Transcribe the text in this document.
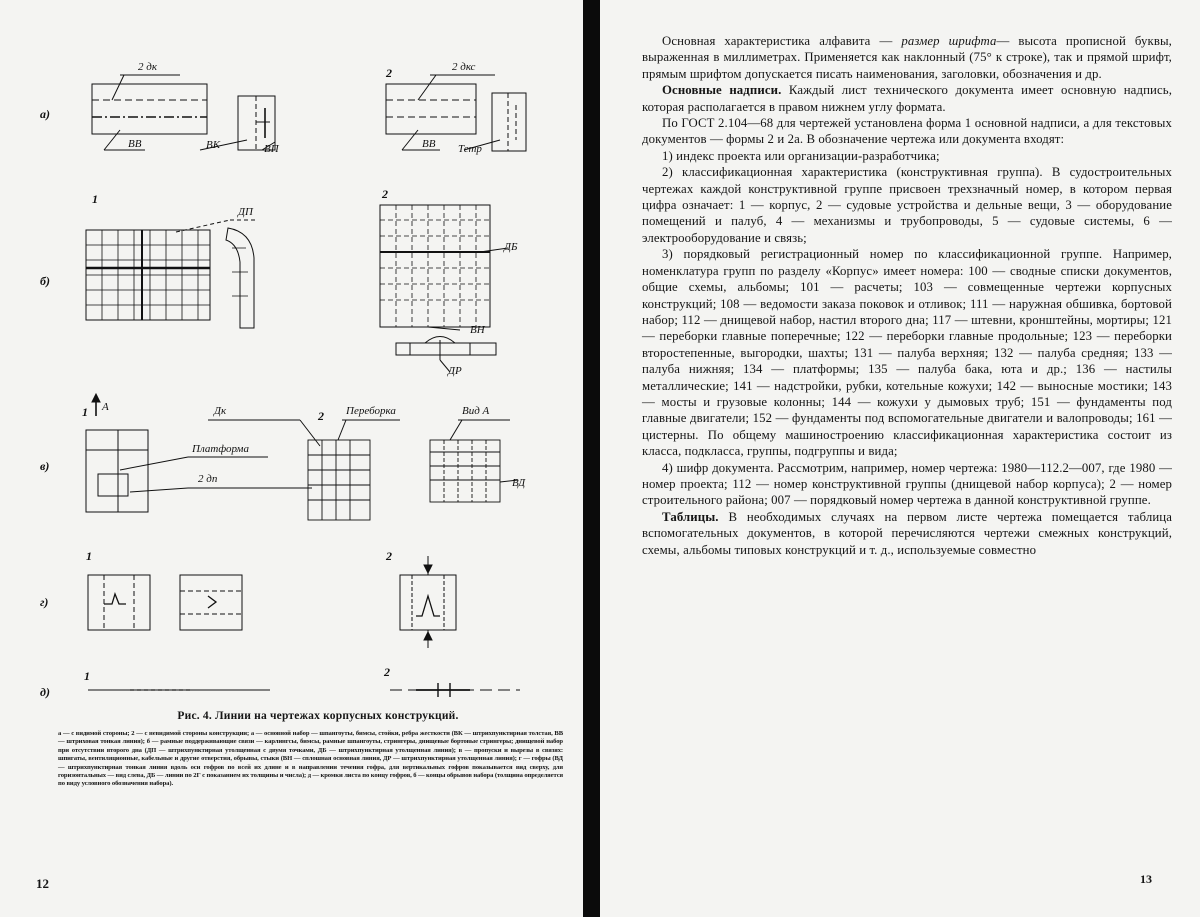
а)
2 дк
ВВ	ВК	ВП
2	2 дкс
ВВ Тетр
1
б)
ДП
2
ДБ
ВН
ДР
1 А
в)
Дк
Платформа
2 дп
2 Переборка	Вид А
ВД
1
г)
2
д)
1	2
Рис. 4. Линии на чертежах корпусных конструкций.
а — с видимой стороны; 2 — с невидимой стороны конструкции; а — основной набор — шпангоуты, бимсы, стойки, ребра жесткости (ВК — штрихпунктирная толстая, ВВ — штриховая тонкая линия); б — рамные поддерживающие связи — карлингсы, бимсы, рамные шпангоуты, стрингеры, днищевые бортовые стрингеры; днищевой набор при отсутствии второго дна (ДП — штрихпунктирная утолщенная с двумя точками, ДБ — штрихпунктирная утолщенная линия); в — пропуски и вырезы в связях: шпигаты, вентиляционные, кабельные и другие отверстия, обрывы, стыки (ВН — сплошная основная линия, ДР — штрихпунктирная утолщенная линия); г — гофры (ВД — штрихпунктирная тонкая линия вдоль оси гофров по всей их длине и в направлении течения гофра, для вертикальных гофров показывается вид сверху, для горизонтальных — вид слева, ДБ — линии по 2Г с показанием их толщины и числа); д — кромки листа по концу гофров, б — концы обрывов набора (толщина определяется по виду условного обозначения набора).
12

Основная характеристика алфавита — размер шрифта— высота прописной буквы, выраженная в миллиметрах. Применяется как наклонный (75° к строке), так и прямой шрифт, прямым шрифтом допускается писать наименования, заголовки, обозначения и др.

Основные надписи. Каждый лист технического документа имеет основную надпись, которая располагается в правом нижнем углу формата.

По ГОСТ 2.104—68 для чертежей установлена форма 1 основной надписи, а для текстовых документов — формы 2 и 2а. В обозначение чертежа или документа входят:

1) индекс проекта или организации-разработчика;

2) классификационная характеристика (конструктивная группа). В судостроительных чертежах каждой конструктивной группе присвоен трехзначный номер, в котором первая цифра означает: 1 — корпус, 2 — судовые устройства и дельные вещи, 3 — оборудование помещений и палуб, 4 — механизмы и трубопроводы, 5 — судовые системы, 6 — электрооборудование и связь;

3) порядковый регистрационный номер по классификационной группе. Например, номенклатура групп по разделу «Корпус» имеет номера: 100 — сводные списки документов, общие схемы, альбомы; 101 — расчеты; 103 — совмещенные чертежи корпусных конструкций; 108 — ведомости заказа поковок и отливок; 111 — наружная обшивка, бортовой набор; 112 — днищевой набор, настил второго дна; 117 — штевни, кронштейны, мортиры; 121 — переборки главные поперечные; 122 — переборки главные продольные; 123 — переборки второстепенные, выгородки, шахты; 131 — палуба верхняя; 132 — палуба средняя; 133 — палуба нижняя; 134 — платформы; 135 — палуба бака, юта и др.; 136 — настилы металлические; 141 — надстройки, рубки, котельные кожухи; 142 — выносные мостики; 143 — мосты и грузовые колонны; 144 — кожухи у дымовых труб; 151 — фундаменты под главные двигатели; 152 — фундаменты под вспомогательные двигатели и валопроводы; 161 — цистерны. По общему машиностроению классификационная характеристика состоит из класса, подкласса, группы, подгруппы и вида;

4) шифр документа. Рассмотрим, например, номер чертежа: 1980—112.2—007, где 1980 — номер проекта; 112 — номер конструктивной группы (днищевой набор корпуса); 2 — номер строительного района; 007 — порядковый номер чертежа в данной конструктивной группе.

Таблицы. В необходимых случаях на первом листе чертежа помещается таблица вспомогательных документов, в которой перечисляются чертежи смежных конструкций, схемы, альбомы типовых конструкций и т. д., используемые совместно

13
